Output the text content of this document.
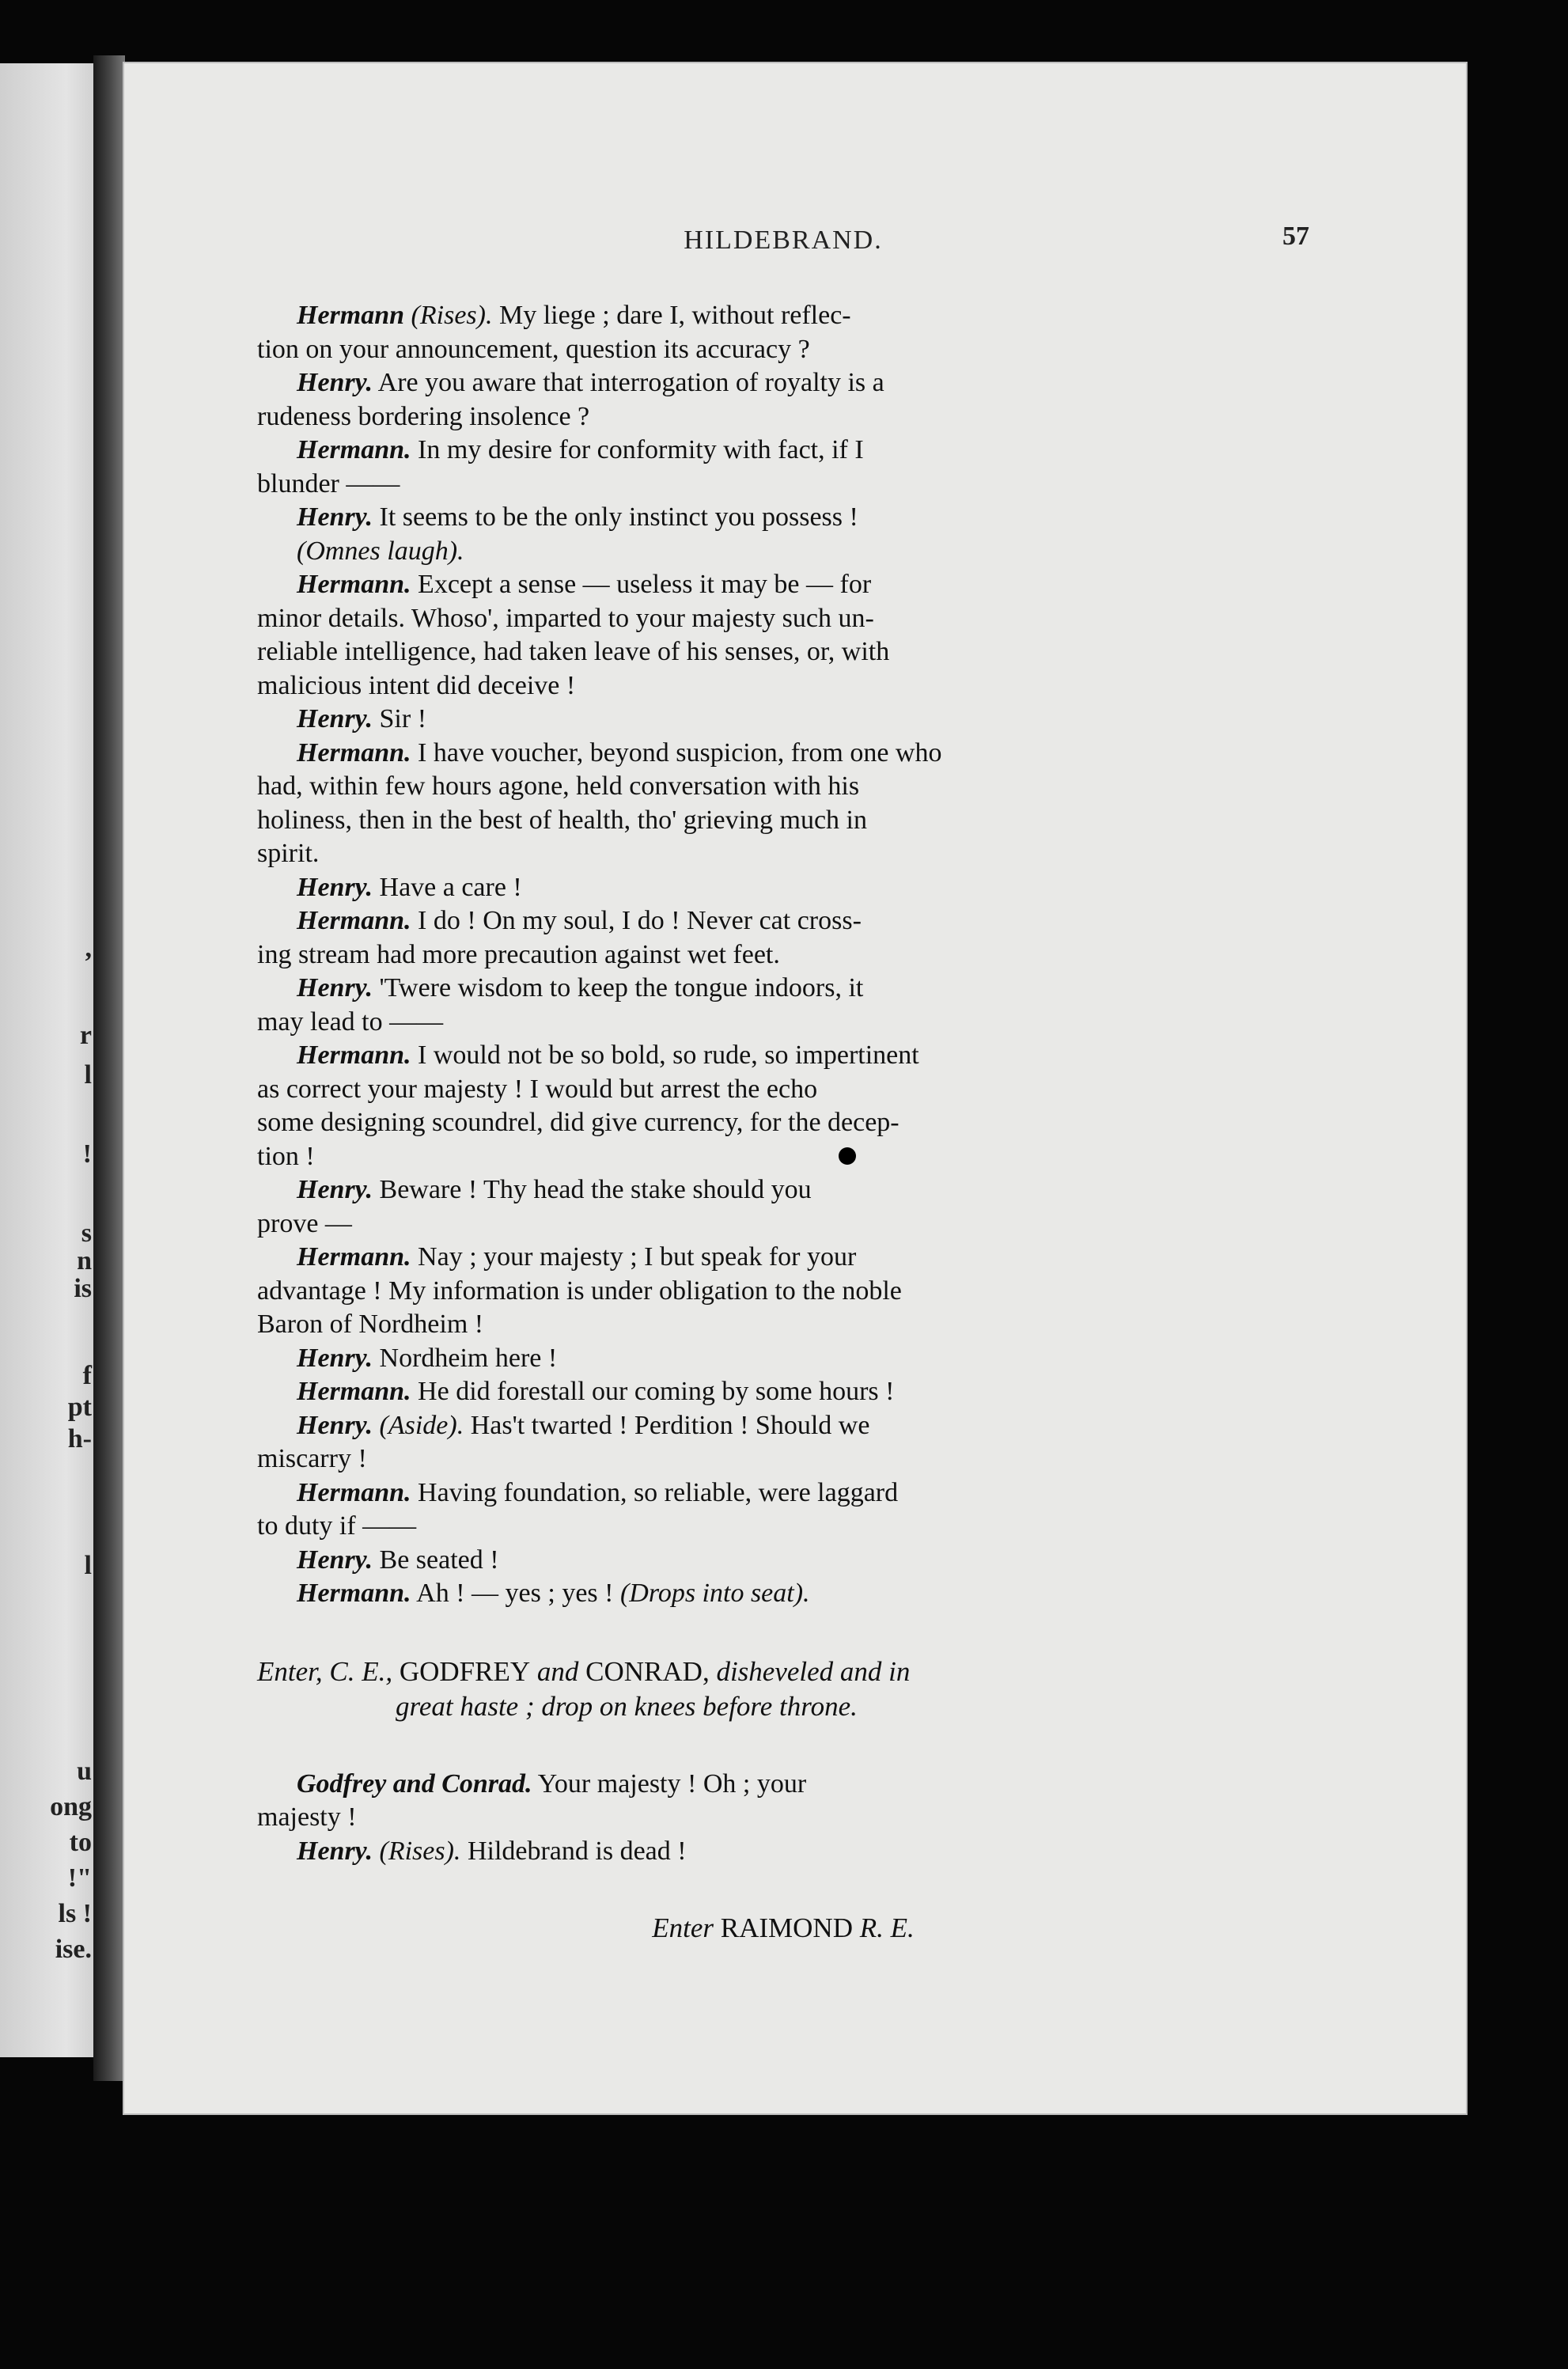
,
r
l
!
s
n
is
f
pt
h-
l
u
ong
to
!"
ls !
ise.
HILDEBRAND.	57

Hermann (Rises). My liege ; dare I, without reflec-

tion on your announcement, question its accuracy ?

Henry. Are you aware that interrogation of royalty is a

rudeness bordering insolence ?

Hermann. In my desire for conformity with fact, if I

blunder ——

Henry. It seems to be the only instinct you possess !

(Omnes laugh).

Hermann. Except a sense — useless it may be — for

minor details. Whoso', imparted to your majesty such un-

reliable intelligence, had taken leave of his senses, or, with

malicious intent did deceive !

Henry. Sir !

Hermann. I have voucher, beyond suspicion, from one who

had, within few hours agone, held conversation with his

holiness, then in the best of health, tho' grieving much in

spirit.

Henry. Have a care !

Hermann. I do ! On my soul, I do ! Never cat cross-

ing stream had more precaution against wet feet.

Henry. 'Twere wisdom to keep the tongue indoors, it

may lead to ——

Hermann. I would not be so bold, so rude, so impertinent

as correct your majesty ! I would but arrest the echo

some designing scoundrel, did give currency, for the decep-

tion !

Henry. Beware ! Thy head the stake should you

prove —

Hermann. Nay ; your majesty ; I but speak for your

advantage ! My information is under obligation to the noble

Baron of Nordheim !

Henry. Nordheim here !

Hermann. He did forestall our coming by some hours !

Henry. (Aside). Has't twarted ! Perdition ! Should we

miscarry !

Hermann. Having foundation, so reliable, were laggard

to duty if ——

Henry. Be seated !

Hermann. Ah ! — yes ; yes ! (Drops into seat).

Enter, C. E., GODFREY and CONRAD, disheveled and in
great haste ; drop on knees before throne.

Godfrey and Conrad. Your majesty ! Oh ; your

majesty !

Henry. (Rises). Hildebrand is dead !

Enter RAIMOND R. E.
